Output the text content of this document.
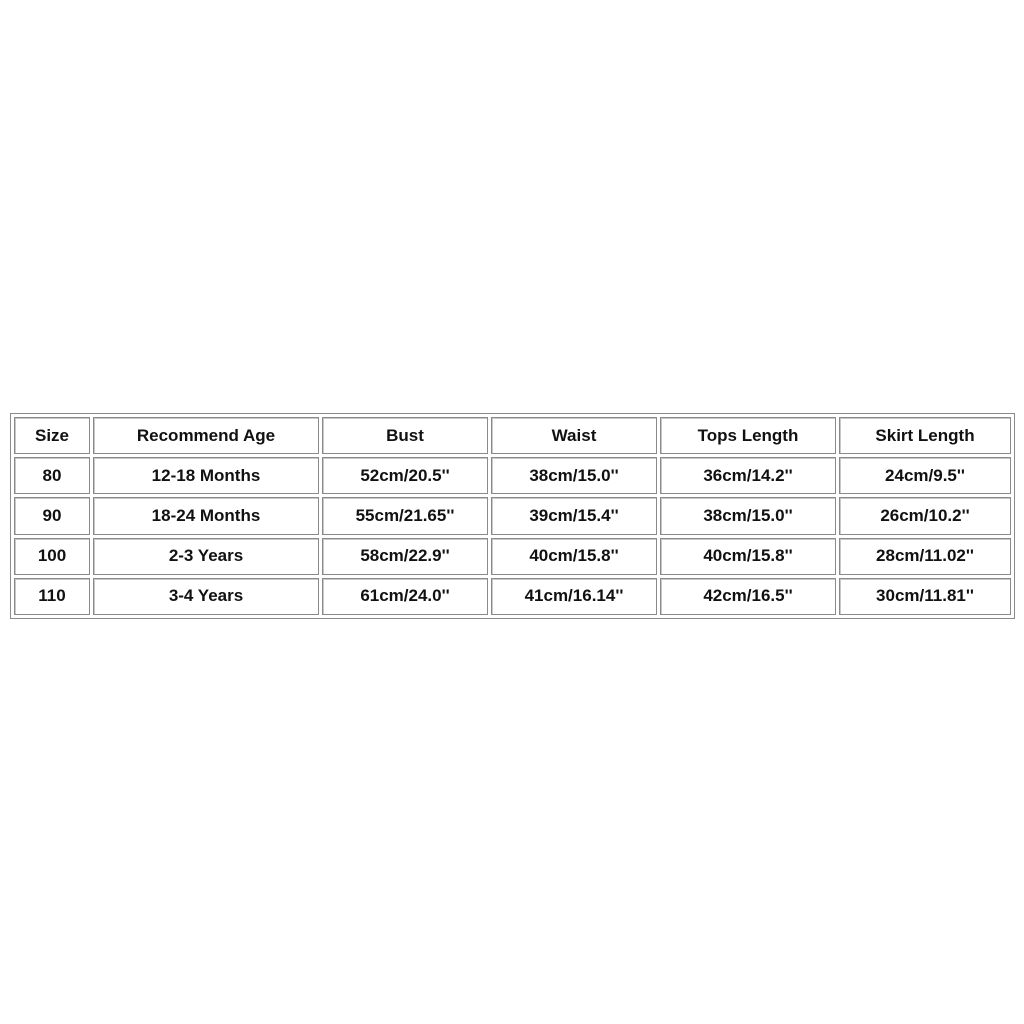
Size	Recommend Age	Bust	Waist	Tops Length	Skirt Length
80	12-18 Months	52cm/20.5''	38cm/15.0''	36cm/14.2''	24cm/9.5''
90	18-24 Months	55cm/21.65''	39cm/15.4''	38cm/15.0''	26cm/10.2''
100	2-3 Years	58cm/22.9''	40cm/15.8''	40cm/15.8''	28cm/11.02''
110	3-4 Years	61cm/24.0''	41cm/16.14''	42cm/16.5''	30cm/11.81''
